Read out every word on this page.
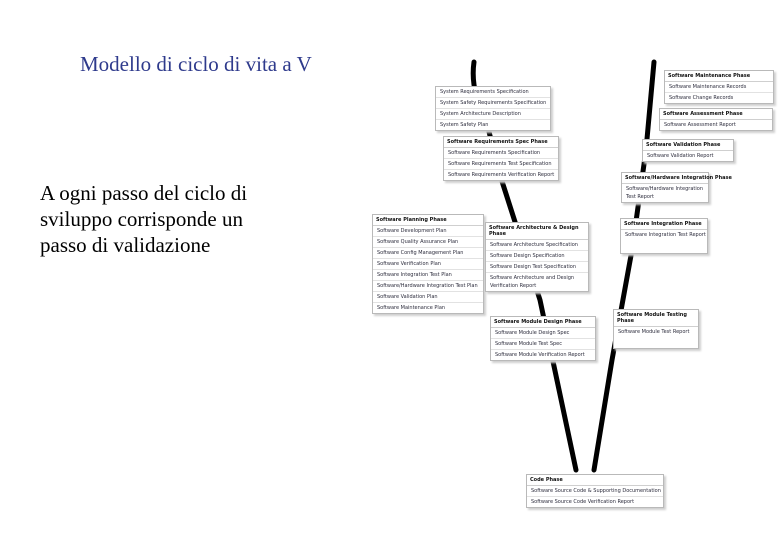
Modello di ciclo di vita a V
A ogni passo del ciclo di
sviluppo corrisponde un
passo di validazione
System Requirements Specification
System Safety Requirements Specification
System Architecture Description
System Safety Plan
Software Requirements Spec Phase
Software Requirements Specification
Software Requirements Test Specification
Software Requirements Verification Report
Software Planning Phase
Software Development Plan
Software Quality Assurance Plan
Software Config Management Plan
Software Verification Plan
Software Integration Test Plan
Software/Hardware Integration Test Plan
Software Validation Plan
Software Maintenance Plan
Software Architecture & Design Phase
Software Architecture Specification
Software Design Specification
Software Design Test Specification
Software Architecture and Design Verification Report
Software Module Design Phase
Software Module Design Spec
Software Module Test Spec
Software Module Verification Report
Code Phase
Software Source Code & Supporting Documentation
Software Source Code Verification Report
Software Maintenance Phase
Software Maintenance Records
Software Change Records
Software Assessment Phase
Software Assessment Report
Software Validation Phase
Software Validation Report
Software/Hardware Integration Phase
Software/Hardware Integration Test Report
Software Integration Phase
Software Integration Test Report
Software Module Testing Phase
Software Module Test Report
